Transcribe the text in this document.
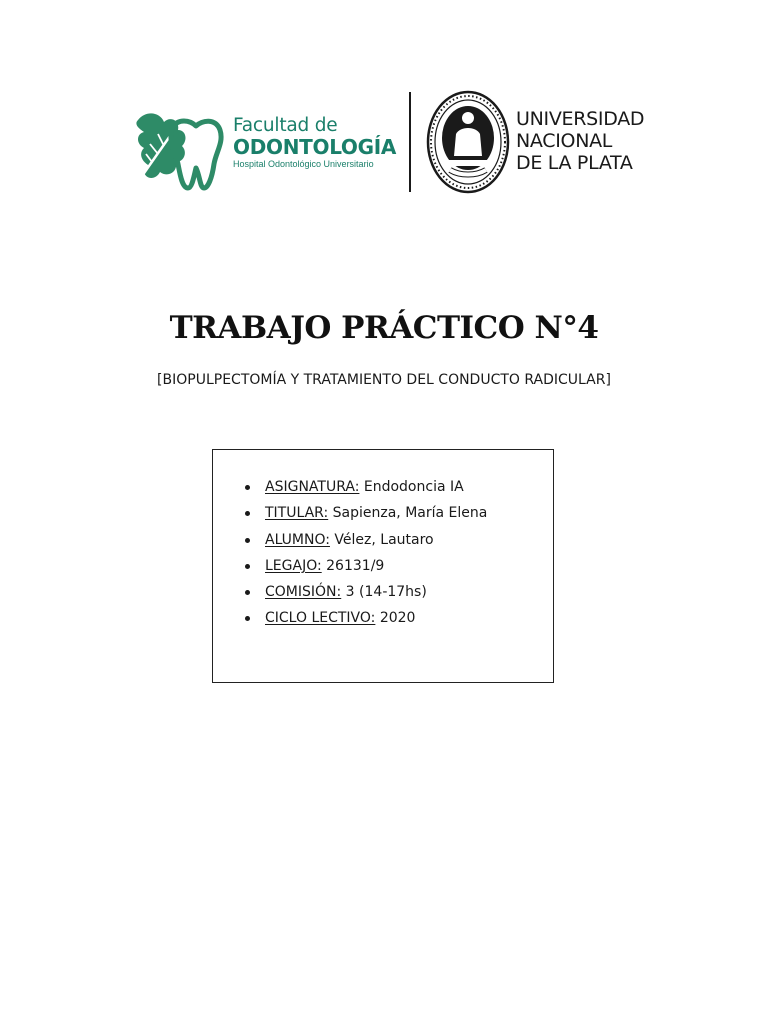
Facultad de
ODONTOLOGÍA
Hospital Odontológico Universitario
UNIVERSIDAD
NACIONAL
DE LA PLATA
TRABAJO PRÁCTICO N°4
[BIOPULPECTOMÍA Y TRATAMIENTO DEL CONDUCTO RADICULAR]
ASIGNATURA: Endodoncia IA
TITULAR: Sapienza, María Elena
ALUMNO: Vélez, Lautaro
LEGAJO: 26131/9
COMISIÓN: 3 (14-17hs)
CICLO LECTIVO: 2020
